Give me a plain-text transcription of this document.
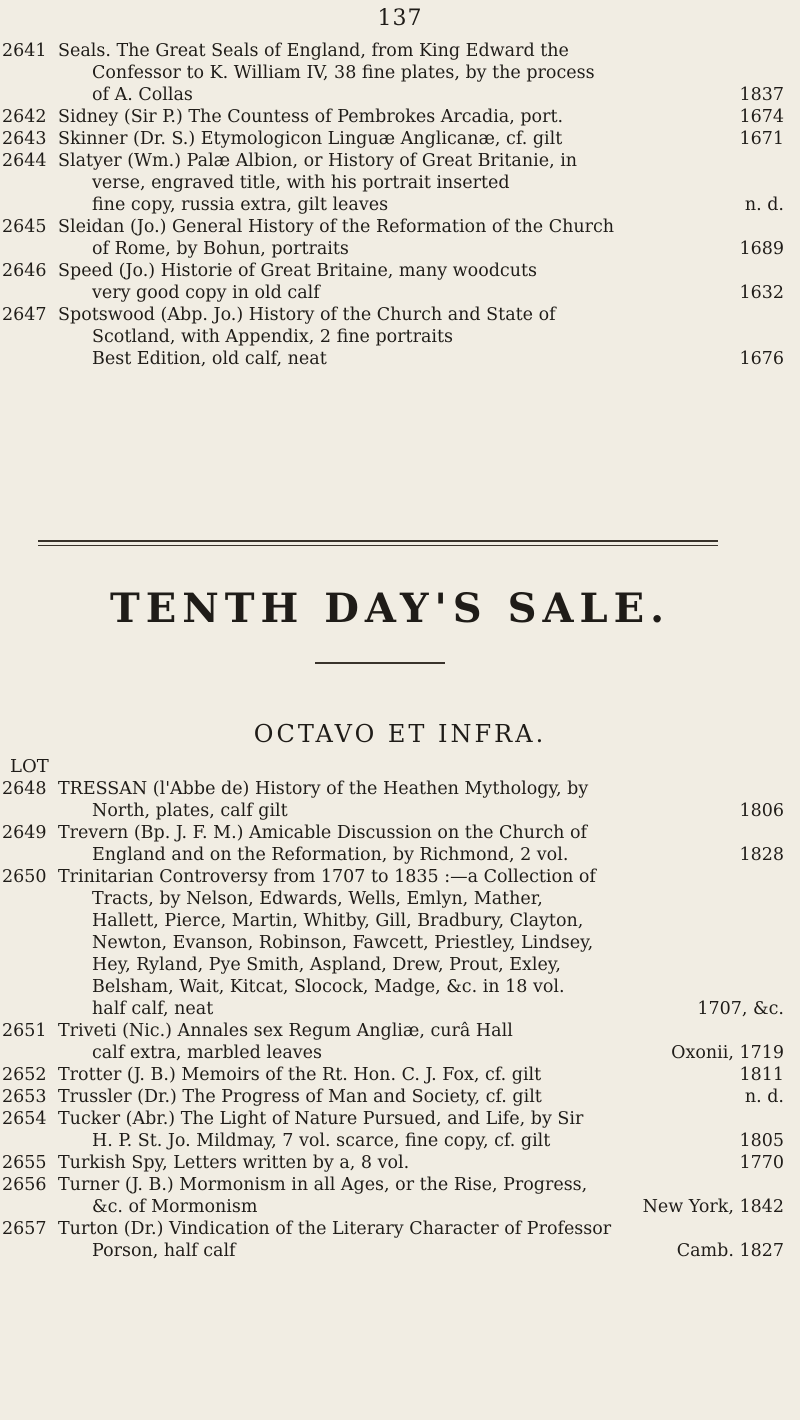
137
2641 Seals. The Great Seals of England, from King Edward the
Confessor to K. William IV, 38 fine plates, by the process
of A. Collas	1837
2642 Sidney (Sir P.) The Countess of Pembrokes Arcadia, port.	1674
2643 Skinner (Dr. S.) Etymologicon Linguæ Anglicanæ, cf. gilt	1671
2644 Slatyer (Wm.) Palæ Albion, or History of Great Britanie, in
verse, engraved title, with his portrait inserted
fine copy, russia extra, gilt leaves	n. d.
2645 Sleidan (Jo.) General History of the Reformation of the Church
of Rome, by Bohun, portraits	1689
2646 Speed (Jo.) Historie of Great Britaine, many woodcuts
very good copy in old calf	1632
2647 Spotswood (Abp. Jo.) History of the Church and State of
Scotland, with Appendix, 2 fine portraits
Best Edition, old calf, neat	1676
TENTH DAY'S SALE.
OCTAVO ET INFRA.
LOT
2648 TRESSAN (l'Abbe de) History of the Heathen Mythology, by
North, plates, calf gilt	1806
2649 Trevern (Bp. J. F. M.) Amicable Discussion on the Church of
England and on the Reformation, by Richmond, 2 vol.	1828
2650 Trinitarian Controversy from 1707 to 1835 :—a Collection of
Tracts, by Nelson, Edwards, Wells, Emlyn, Mather,
Hallett, Pierce, Martin, Whitby, Gill, Bradbury, Clayton,
Newton, Evanson, Robinson, Fawcett, Priestley, Lindsey,
Hey, Ryland, Pye Smith, Aspland, Drew, Prout, Exley,
Belsham, Wait, Kitcat, Slocock, Madge, &c. in 18 vol.
half calf, neat	1707, &c.
2651 Triveti (Nic.) Annales sex Regum Angliæ, curâ Hall
calf extra, marbled leaves	Oxonii, 1719
2652 Trotter (J. B.) Memoirs of the Rt. Hon. C. J. Fox, cf. gilt	1811
2653 Trussler (Dr.) The Progress of Man and Society, cf. gilt	n. d.
2654 Tucker (Abr.) The Light of Nature Pursued, and Life, by Sir
H. P. St. Jo. Mildmay, 7 vol. scarce, fine copy, cf. gilt	1805
2655 Turkish Spy, Letters written by a, 8 vol.	1770
2656 Turner (J. B.) Mormonism in all Ages, or the Rise, Progress,
&c. of Mormonism	New York, 1842
2657 Turton (Dr.) Vindication of the Literary Character of Professor
Porson, half calf	Camb. 1827
